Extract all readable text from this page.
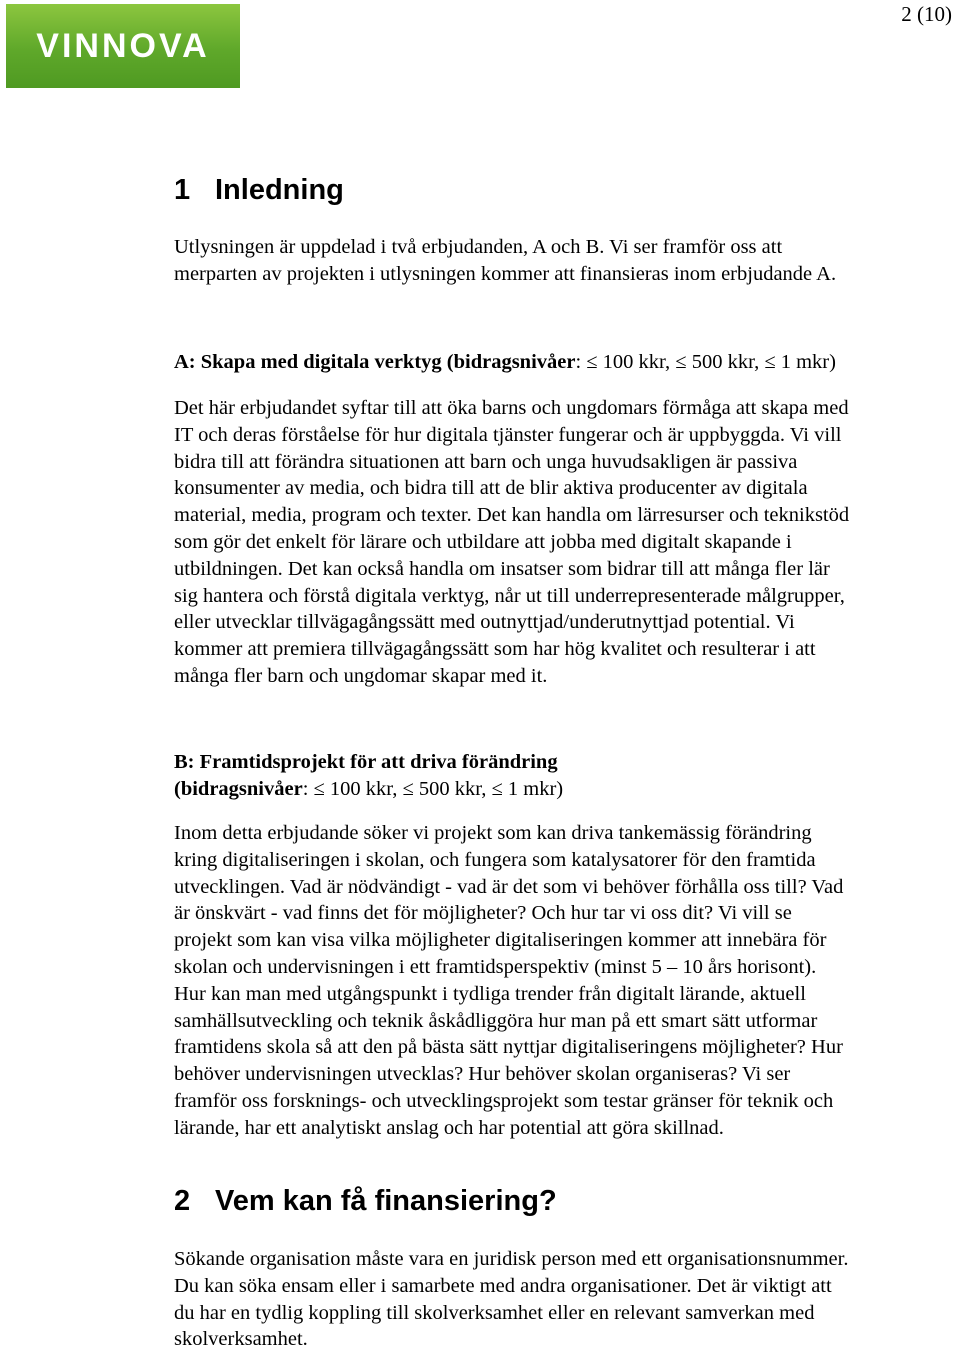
VINNOVA
2 (10)
1 Inledning

Utlysningen är uppdelad i två erbjudanden, A och B. Vi ser framför oss att
merparten av projekten i utlysningen kommer att finansieras inom erbjudande A.

A: Skapa med digitala verktyg (bidragsnivåer: ≤ 100 kkr, ≤ 500 kkr, ≤ 1 mkr)

Det här erbjudandet syftar till att öka barns och ungdomars förmåga att skapa med
IT och deras förståelse för hur digitala tjänster fungerar och är uppbyggda. Vi vill
bidra till att förändra situationen att barn och unga huvudsakligen är passiva
konsumenter av media, och bidra till att de blir aktiva producenter av digitala
material, media, program och texter. Det kan handla om lärresurser och teknikstöd
som gör det enkelt för lärare och utbildare att jobba med digitalt skapande i
utbildningen. Det kan också handla om insatser som bidrar till att många fler lär
sig hantera och förstå digitala verktyg, når ut till underrepresenterade målgrupper,
eller utvecklar tillvägagångssätt med outnyttjad/underutnyttjad potential. Vi
kommer att premiera tillvägagångssätt som har hög kvalitet och resulterar i att
många fler barn och ungdomar skapar med it.

B: Framtidsprojekt för att driva förändring
(bidragsnivåer: ≤ 100 kkr, ≤ 500 kkr, ≤ 1 mkr)

Inom detta erbjudande söker vi projekt som kan driva tankemässig förändring
kring digitaliseringen i skolan, och fungera som katalysatorer för den framtida
utvecklingen. Vad är nödvändigt - vad är det som vi behöver förhålla oss till? Vad
är önskvärt - vad finns det för möjligheter? Och hur tar vi oss dit? Vi vill se
projekt som kan visa vilka möjligheter digitaliseringen kommer att innebära för
skolan och undervisningen i ett framtidsperspektiv (minst 5 – 10 års horisont).
Hur kan man med utgångspunkt i tydliga trender från digitalt lärande, aktuell
samhällsutveckling och teknik åskådliggöra hur man på ett smart sätt utformar
framtidens skola så att den på bästa sätt nyttjar digitaliseringens möjligheter? Hur
behöver undervisningen utvecklas? Hur behöver skolan organiseras? Vi ser
framför oss forsknings- och utvecklingsprojekt som testar gränser för teknik och
lärande, har ett analytiskt anslag och har potential att göra skillnad.

2 Vem kan få finansiering?

Sökande organisation måste vara en juridisk person med ett organisationsnummer.
Du kan söka ensam eller i samarbete med andra organisationer. Det är viktigt att
du har en tydlig koppling till skolverksamhet eller en relevant samverkan med
skolverksamhet.
